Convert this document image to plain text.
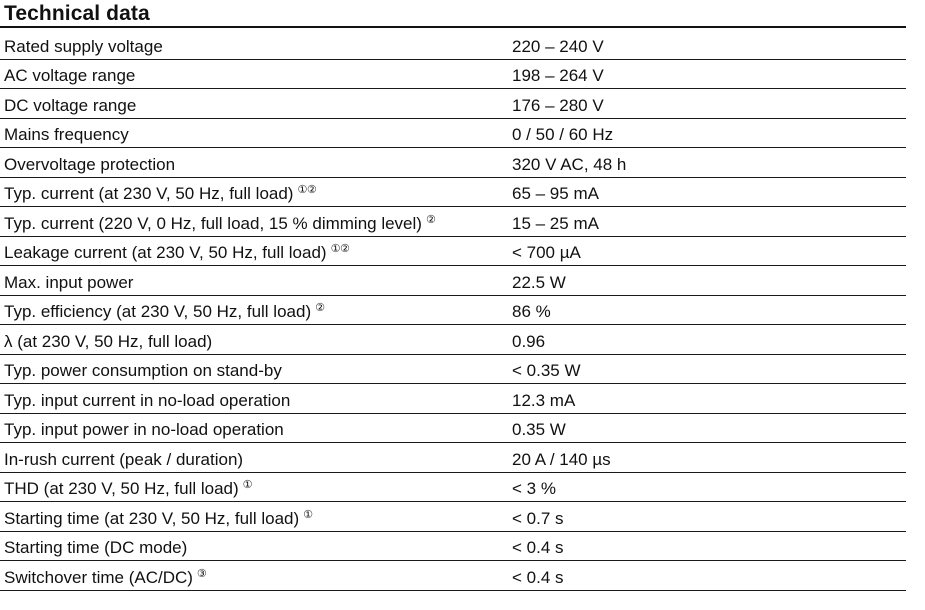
Technical data
Rated supply voltage	220 – 240 V
AC voltage range	198 – 264 V
DC voltage range	176 – 280 V
Mains frequency	0 / 50 / 60 Hz
Overvoltage protection	320 V AC, 48 h
Typ. current (at 230 V, 50 Hz, full load) ①②	65 – 95 mA
Typ. current (220 V, 0 Hz, full load, 15 % dimming level) ②	15 – 25 mA
Leakage current (at 230 V, 50 Hz, full load) ①②	< 700 µA
Max. input power	22.5 W
Typ. efficiency (at 230 V, 50 Hz, full load) ②	86 %
λ (at 230 V, 50 Hz, full load)	0.96
Typ. power consumption on stand-by	< 0.35 W
Typ. input current in no-load operation	12.3 mA
Typ. input power in no-load operation	0.35 W
In-rush current (peak / duration)	20 A / 140 µs
THD (at 230 V, 50 Hz, full load) ①	< 3 %
Starting time (at 230 V, 50 Hz, full load) ①	< 0.7 s
Starting time (DC mode)	< 0.4 s
Switchover time (AC/DC) ③	< 0.4 s
